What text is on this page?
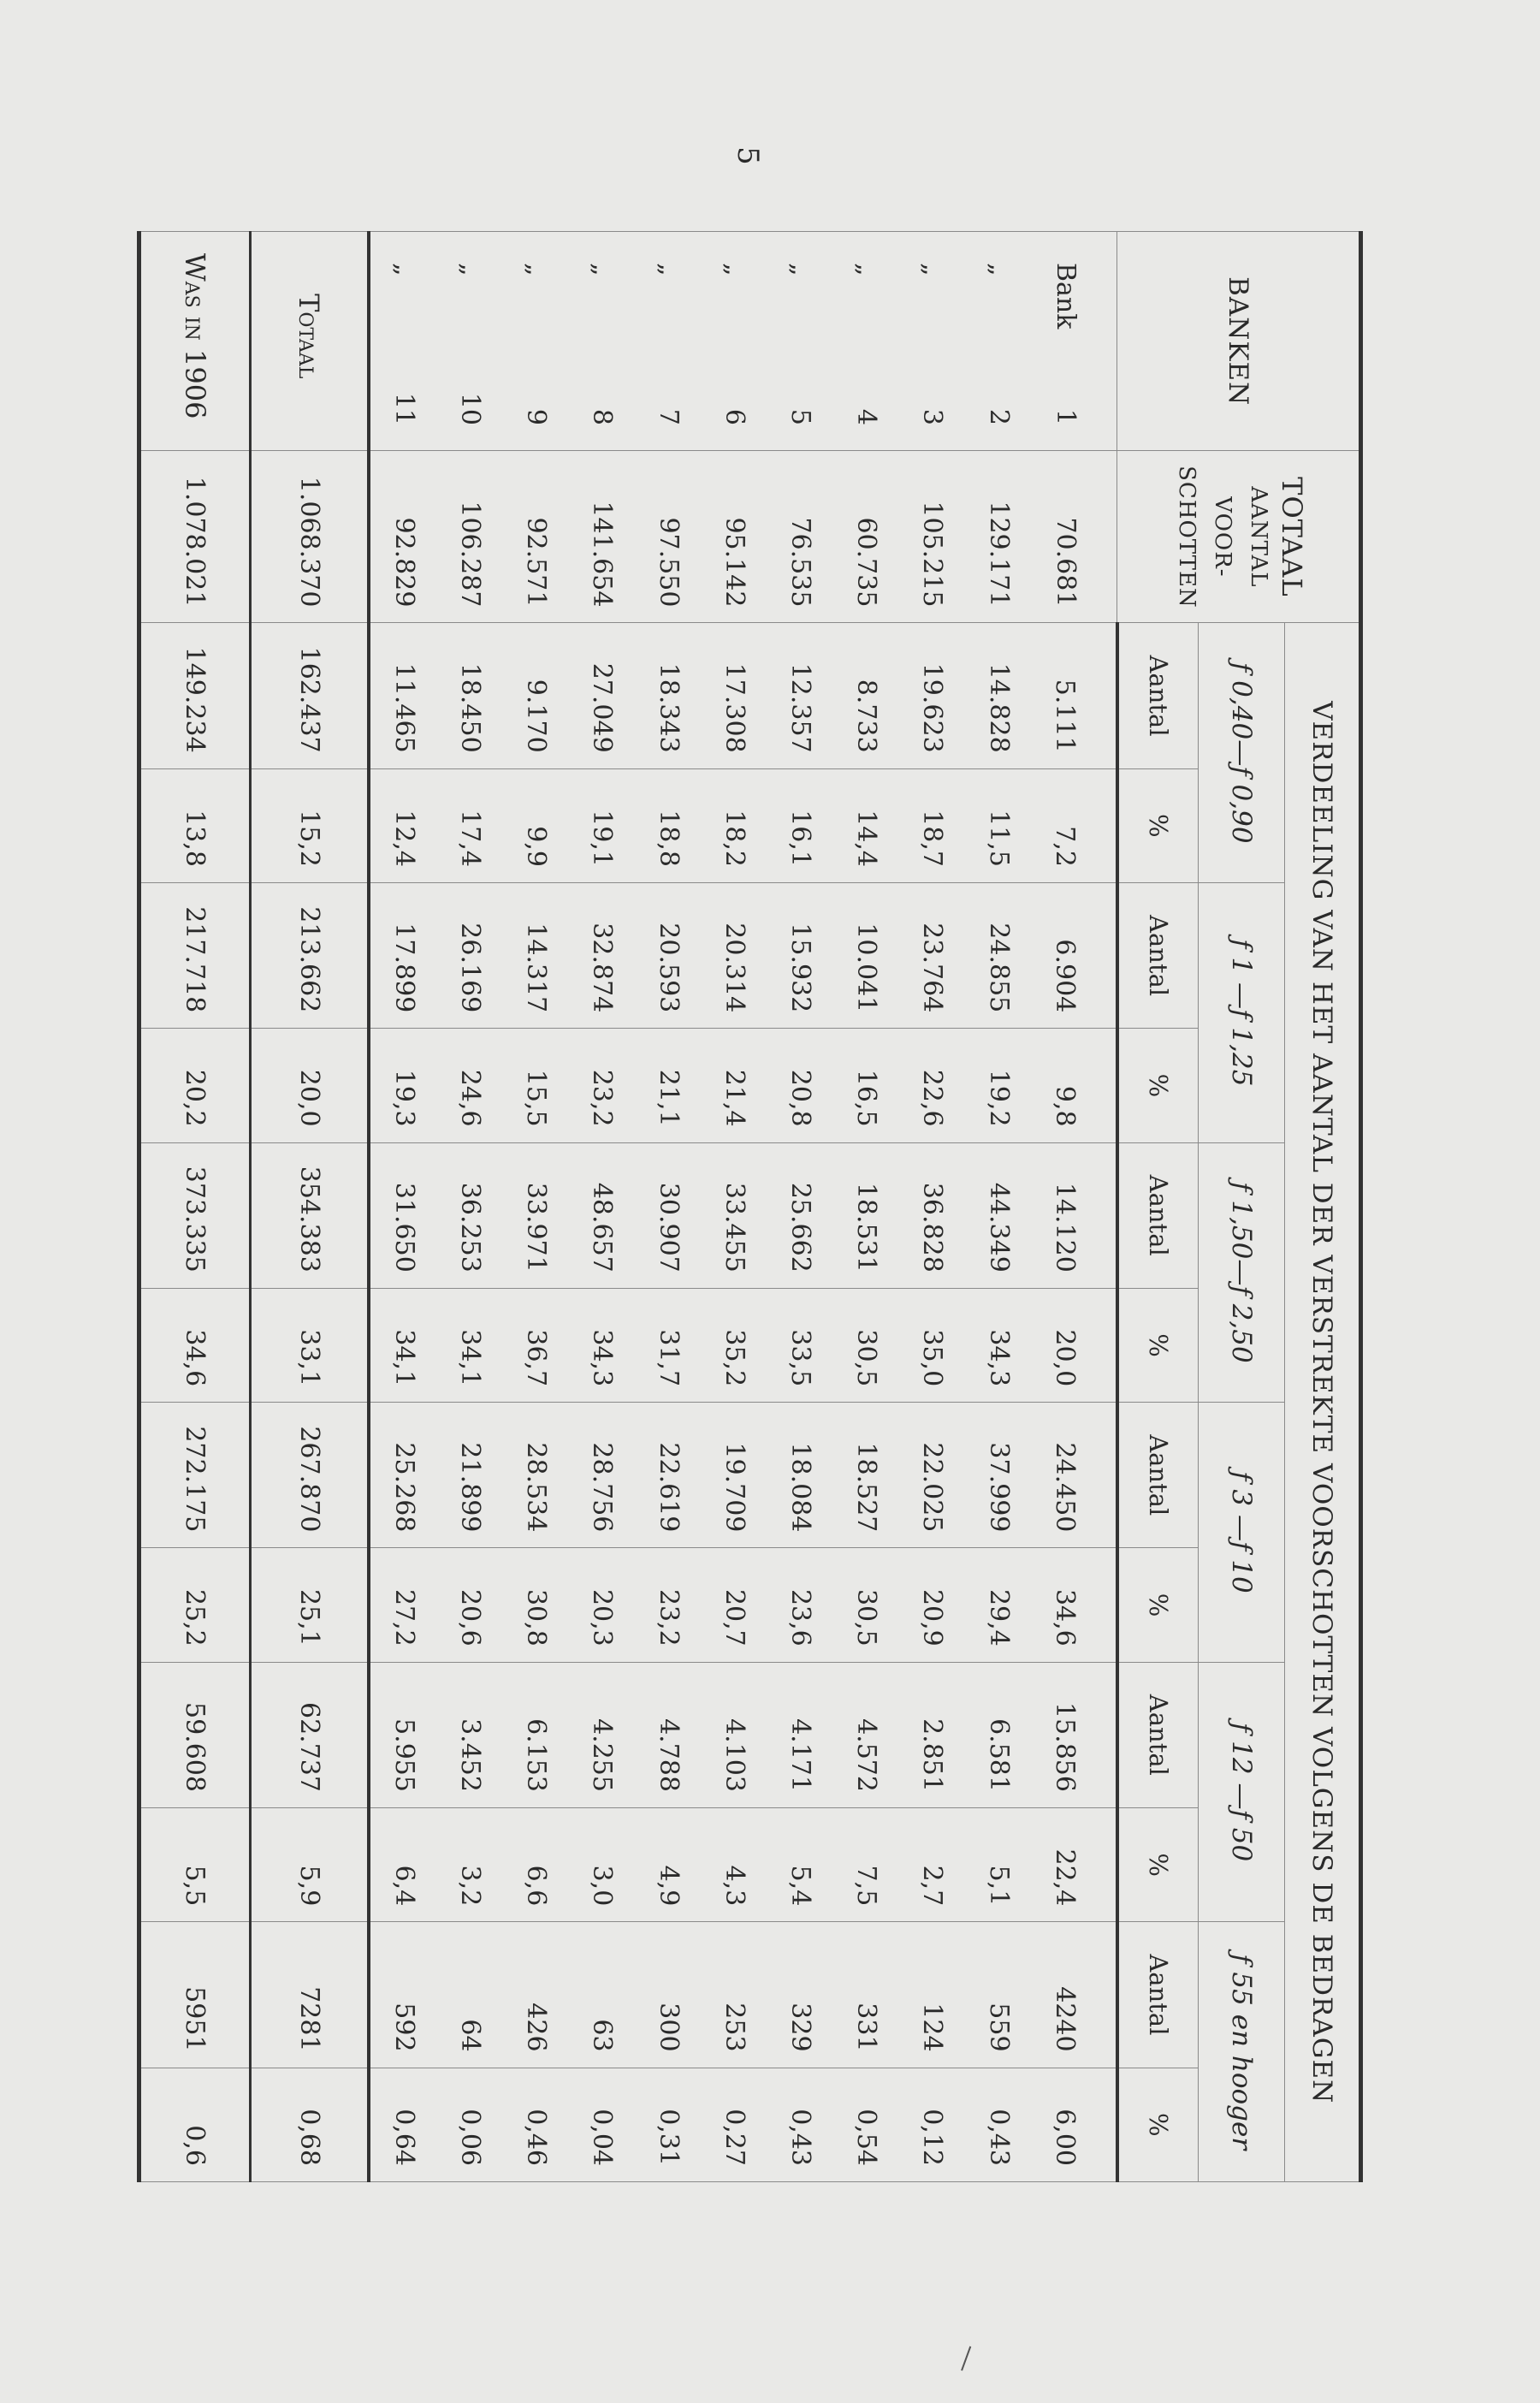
5
BANKEN	TOTAAL
AANTAL
VOOR-
SCHOTTEN	VERDEELING VAN HET AANTAL DER VERSTREKTE VOORSCHOTTEN VOLGENS DE BEDRAGEN											
		ƒ 0,40—ƒ 0,90		ƒ 1 —ƒ 1,25		ƒ 1,50—ƒ 2,50		ƒ 3 —ƒ 10		ƒ 12 —ƒ 50		ƒ 55 en hooger	
		Aantal	%	Aantal	%	Aantal	%	Aantal	%	Aantal	%	Aantal	%
Bank1	70.681	5.111	7,2	6.904	9,8	14.120	20,0	24.450	34,6	15.856	22,4	4240	6,00
„2	129.171	14.828	11,5	24.855	19,2	44.349	34,3	37.999	29,4	6.581	5,1	559	0,43
„3	105.215	19.623	18,7	23.764	22,6	36.828	35,0	22.025	20,9	2.851	2,7	124	0,12
„4	60.735	8.733	14,4	10.041	16,5	18.531	30,5	18.527	30,5	4.572	7,5	331	0,54
„5	76.535	12.357	16,1	15.932	20,8	25.662	33,5	18.084	23,6	4.171	5,4	329	0,43
„6	95.142	17.308	18,2	20.314	21,4	33.455	35,2	19.709	20,7	4.103	4,3	253	0,27
„7	97.550	18.343	18,8	20.593	21,1	30.907	31,7	22.619	23,2	4.788	4,9	300	0,31
„8	141.654	27.049	19,1	32.874	23,2	48.657	34,3	28.756	20,3	4.255	3,0	63	0,04
„9	92.571	9.170	9,9	14.317	15,5	33.971	36,7	28.534	30,8	6.153	6,6	426	0,46
„10	106.287	18.450	17,4	26.169	24,6	36.253	34,1	21.899	20,6	3.452	3,2	64	0,06
„11	92.829	11.465	12,4	17.899	19,3	31.650	34,1	25.268	27,2	5.955	6,4	592	0,64
Totaal	1.068.370	162.437	15,2	213.662	20,0	354.383	33,1	267.870	25,1	62.737	5,9	7281	0,68
Was in 1906	1.078.021	149.234	13,8	217.718	20,2	373.335	34,6	272.175	25,2	59.608	5,5	5951	0,6
